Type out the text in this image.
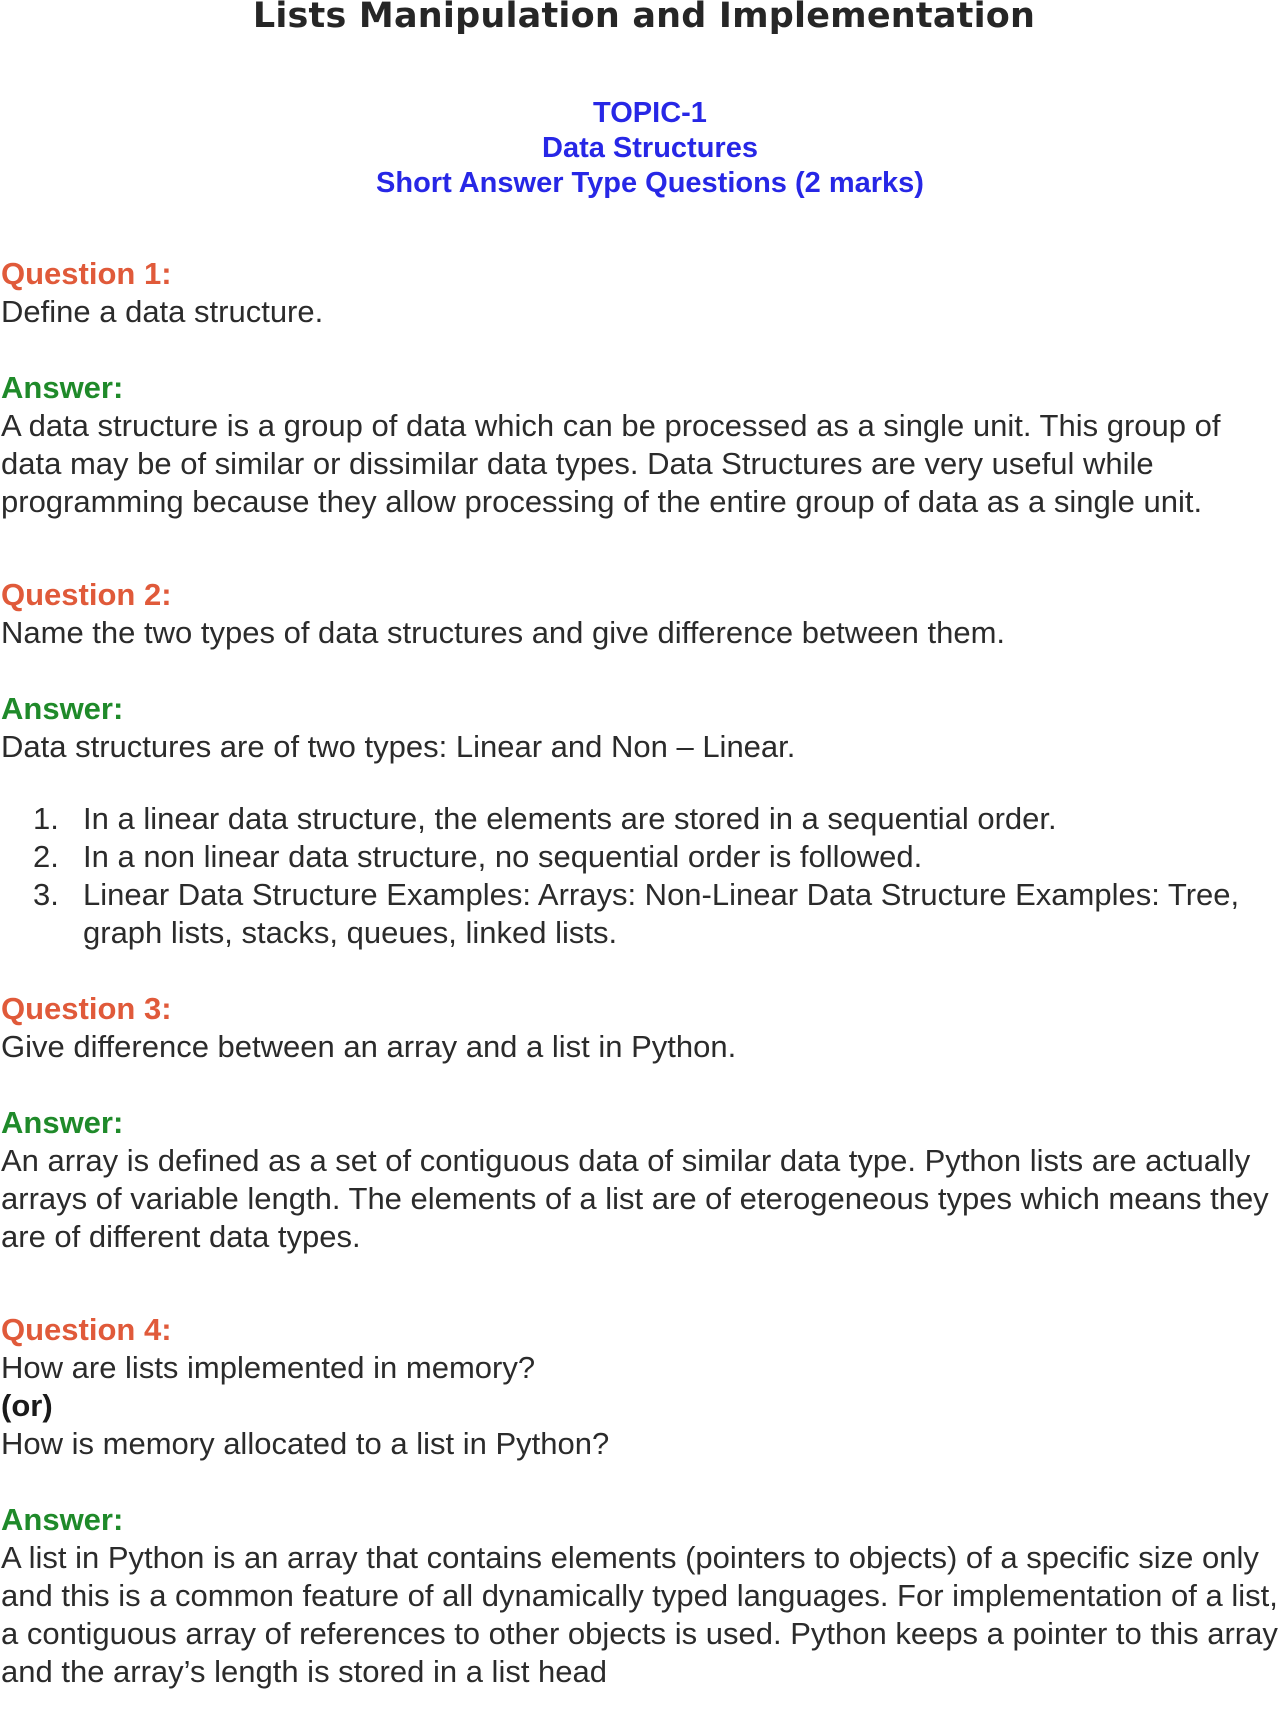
Lists Manipulation and Implementation
TOPIC-1
Data Structures
Short Answer Type Questions (2 marks)
Question 1:
Define a data structure.
Answer:
A data structure is a group of data which can be processed as a single unit. This group of data may be of similar or dissimilar data types. Data Structures are very useful while programming because they allow processing of the entire group of data as a single unit.
Question 2:
Name the two types of data structures and give difference between them.
Answer:
Data structures are of two types: Linear and Non – Linear.
1. In a linear data structure, the elements are stored in a sequential order.
2. In a non linear data structure, no sequential order is followed.
3. Linear Data Structure Examples: Arrays: Non-Linear Data Structure Examples: Tree, graph lists, stacks, queues, linked lists.
Question 3:
Give difference between an array and a list in Python.
Answer:
An array is defined as a set of contiguous data of similar data type. Python lists are actually arrays of variable length. The elements of a list are of eterogeneous types which means they are of different data types.
Question 4:
How are lists implemented in memory?
(or)
How is memory allocated to a list in Python?
Answer:
A list in Python is an array that contains elements (pointers to objects) of a specific size only and this is a common feature of all dynamically typed languages. For implementation of a list, a contiguous array of references to other objects is used. Python keeps a pointer to this array and the array’s length is stored in a list head
